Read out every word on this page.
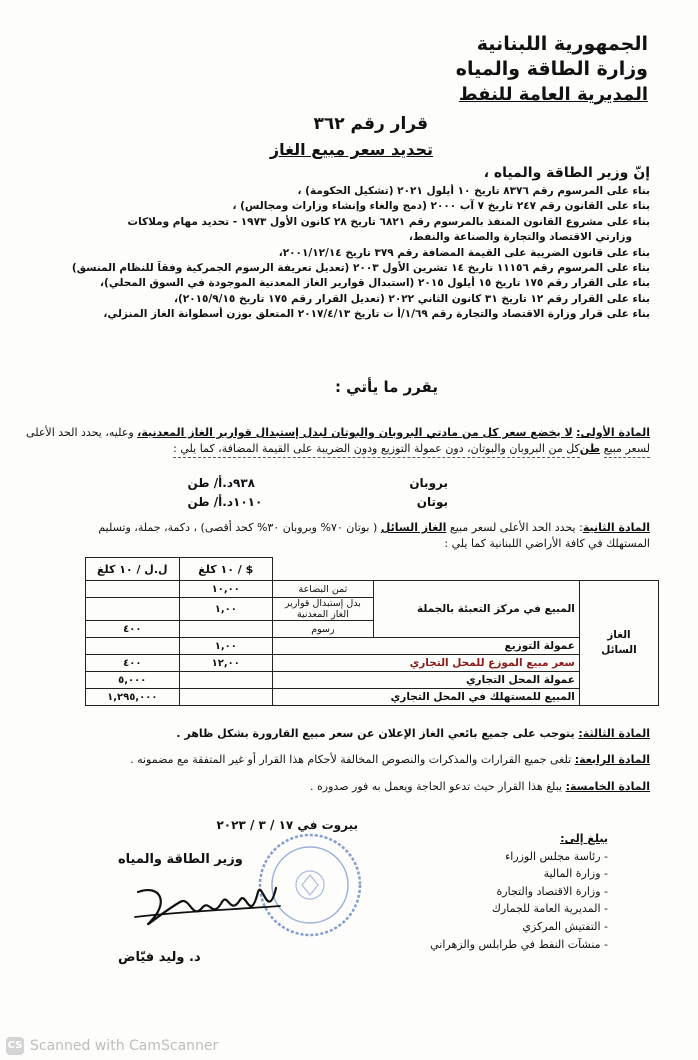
الجمهورية اللبنانية
وزارة الطاقة والمياه
المديرية العامة للنفط
قرار رقم ٣٦٢
تحديد سعر مبيع الغاز
إنّ وزير الطاقة والمياه ،
بناء على المرسوم رقم ٨٣٧٦ تاريخ ١٠ أيلول ٢٠٢١ (تشكيل الحكومة) ،
بناء على القانون رقم ٢٤٧ تاريخ ٧ آب ٢٠٠٠ (دمج والغاء وإنشاء وزارات ومجالس) ،
بناء على مشروع القانون المنفذ بالمرسوم رقم ٦٨٢١ تاريخ ٢٨ كانون الأول ١٩٧٣ - تحديد مهام وملاكات
وزارتي الاقتصاد والتجارة والصناعة والنفط،
بناء على قانون الضريبة على القيمة المضافة رقم ٣٧٩ تاريخ ٢٠٠١/١٢/١٤،
بناء على المرسوم رقم ١١١٥٦ تاريخ ١٤ تشرين الأول ٢٠٠٣ (تعديل تعريفة الرسوم الجمركية وفقاً للنظام المنسق)
بناء على القرار رقم ١٧٥ تاريخ ١٥ أيلول ٢٠١٥ (استبدال قوارير الغاز المعدنية الموجودة في السوق المحلي)،
بناء على القرار رقم ١٢ تاريخ ٣١ كانون الثاني ٢٠٢٢ (تعديل القرار رقم ١٧٥ تاريخ ٢٠١٥/٩/١٥)،
بناء على قرار وزارة الاقتصاد والتجارة رقم ١/٦٩/أ ت تاريخ ٢٠١٧/٤/١٣ المتعلق بوزن أسطوانة الغاز المنزلي،
يقرر ما يأتي :
المادة الأولى: لا يخضع سعر كل من مادتي البروبان والبوتان لبدل إستبدال قوارير الغاز المعدنية، وعليه، يحدد الحد الأعلى
لسعر مبيع طنكل من البروبان والبوتان، دون عمولة التوزيع ودون الضريبة على القيمة المضافة، كما يلي :
بروبان
٩٣٨
د.أ/ طن
بوتان
١٠١٠
د.أ/ طن
المادة الثانية: يحدد الحد الأعلى لسعر مبيع الغاز السائل ( بوتان ٧٠% وبروبان ٣٠% كحد أقصى) ، دكمة، جملة، وتسليم
المستهلك في كافة الأراضي اللبنانية كما يلي :
			$ / ١٠ كلغ	ل.ل / ١٠ كلغ
الغاز
السائل	المبيع في مركز التعبئة بالجملة	ثمن البضاعة	١٠,٠٠	
		بدل إستبدال قوارير الغاز المعدنية	١,٠٠	
		رسوم		٤٠٠
	عمولة التوزيع		١,٠٠	
	سعر مبيع الموزع للمحل التجاري		١٢,٠٠	٤٠٠
	عمولة المحل التجاري			٥,٠٠٠
	المبيع للمستهلك في المحل التجاري			١,٢٩٥,٠٠٠
المادة الثالثة: يتوجب على جميع بائعي الغاز الإعلان عن سعر مبيع القارورة بشكل ظاهر .
المادة الرابعة: تلغى جميع القرارات والمذكرات والنصوص المخالفة لأحكام هذا القرار أو غير المتفقة مع مضمونه .
المادة الخامسة: يبلغ هذا القرار حيث تدعو الحاجة ويعمل به فور صدوره .
بيروت في ١٧ / ٣ / ٢٠٢٣
يبلغ إلى:
- رئاسة مجلس الوزراء
- وزارة المالية
- وزارة الاقتصاد والتجارة
- المديرية العامة للجمارك
- التفتيش المركزي
- منشآت النفط في طرابلس والزهراني
وزير الطاقة والمياه
د. وليد فيّاض
CS Scanned with CamScanner
